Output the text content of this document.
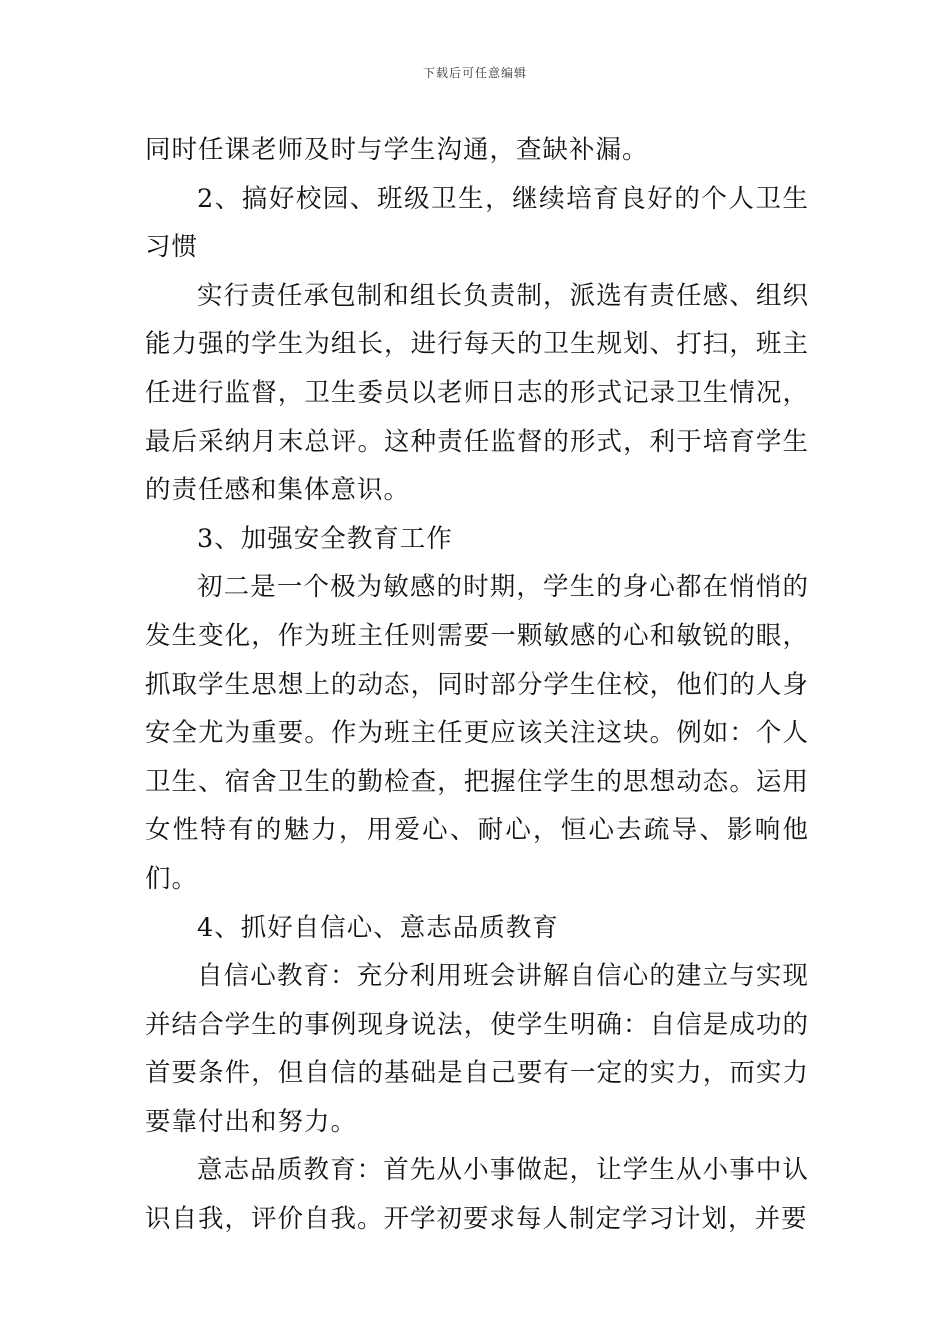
下载后可任意编辑

同时任课老师及时与学生沟通，查缺补漏。

2、搞好校园、班级卫生，继续培育良好的个人卫生习惯

实行责任承包制和组长负责制，派选有责任感、组织能力强的学生为组长，进行每天的卫生规划、打扫，班主任进行监督，卫生委员以老师日志的形式记录卫生情况，最后采纳月末总评。这种责任监督的形式，利于培育学生的责任感和集体意识。

3、加强安全教育工作

初二是一个极为敏感的时期，学生的身心都在悄悄的发生变化，作为班主任则需要一颗敏感的心和敏锐的眼，抓取学生思想上的动态，同时部分学生住校，他们的人身安全尤为重要。作为班主任更应该关注这块。例如：个人卫生、宿舍卫生的勤检查，把握住学生的思想动态。运用女性特有的魅力，用爱心、耐心，恒心去疏导、影响他们。

4、抓好自信心、意志品质教育

自信心教育：充分利用班会讲解自信心的建立与实现并结合学生的事例现身说法，使学生明确：自信是成功的首要条件，但自信的基础是自己要有一定的实力，而实力要靠付出和努力。

意志品质教育：首先从小事做起，让学生从小事中认识自我，评价自我。开学初要求每人制定学习计划，并要
